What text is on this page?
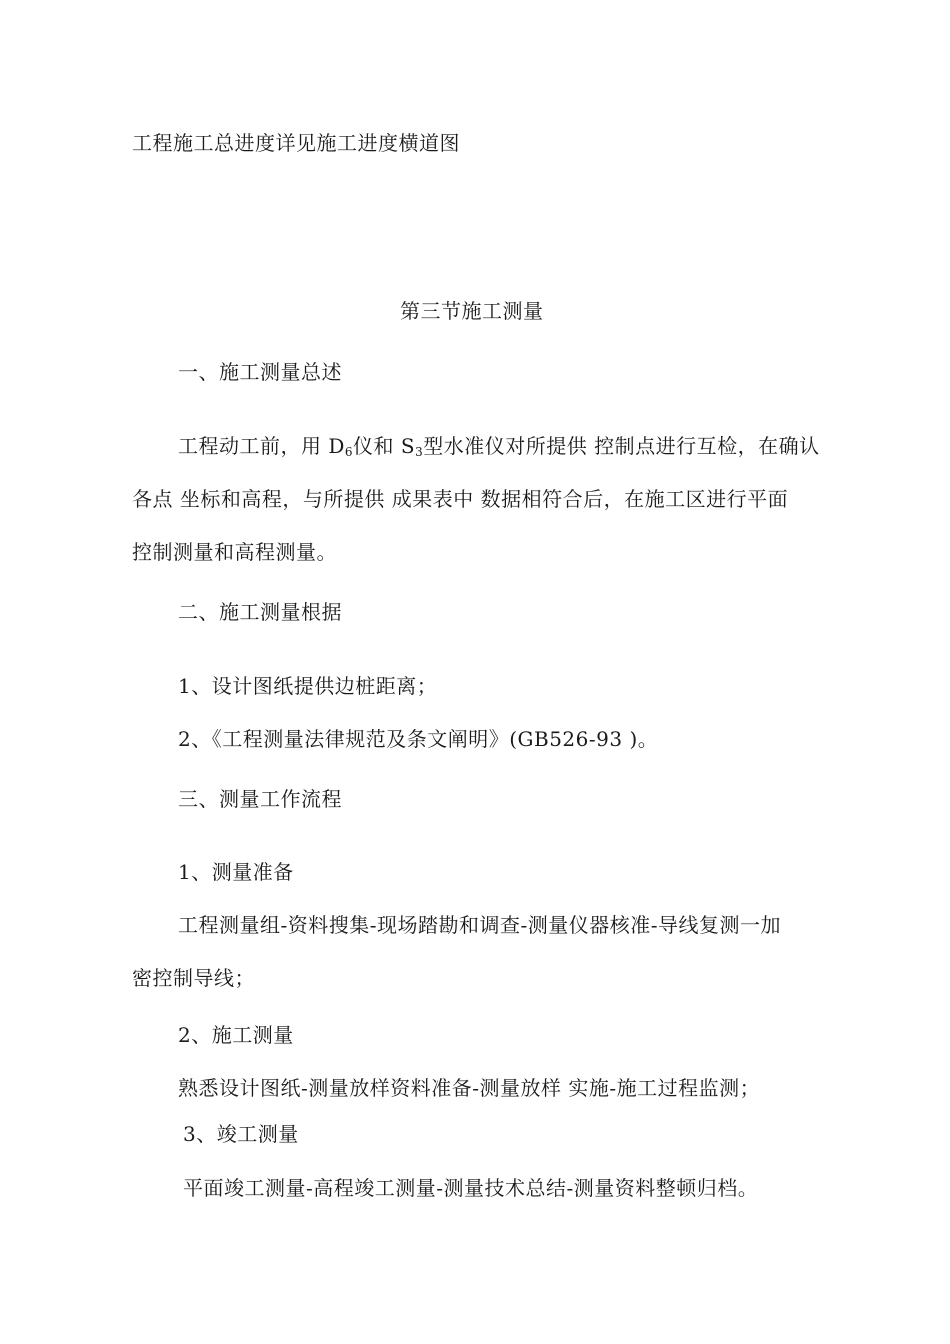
工程施工总进度详见施工进度横道图
第三节施工测量
一、施工测量总述
工程动工前，用 $D_6$仪和 $S_3$型水准仪对所提供 控制点进行互检，在确认
各点 坐标和高程，与所提供 成果表中 数据相符合后，在施工区进行平面
控制测量和高程测量。
二、施工测量根据
1、设计图纸提供边桩距离；
2、《工程测量法律规范及条文阐明》(GB526-93 )。
三、测量工作流程
1、测量准备
工程测量组-资料搜集-现场踏勘和调查-测量仪器核准-导线复测一加
密控制导线；
2、施工测量
熟悉设计图纸-测量放样资料准备-测量放样 实施-施工过程监测；
3、竣工测量
平面竣工测量-高程竣工测量-测量技术总结-测量资料整顿归档。
